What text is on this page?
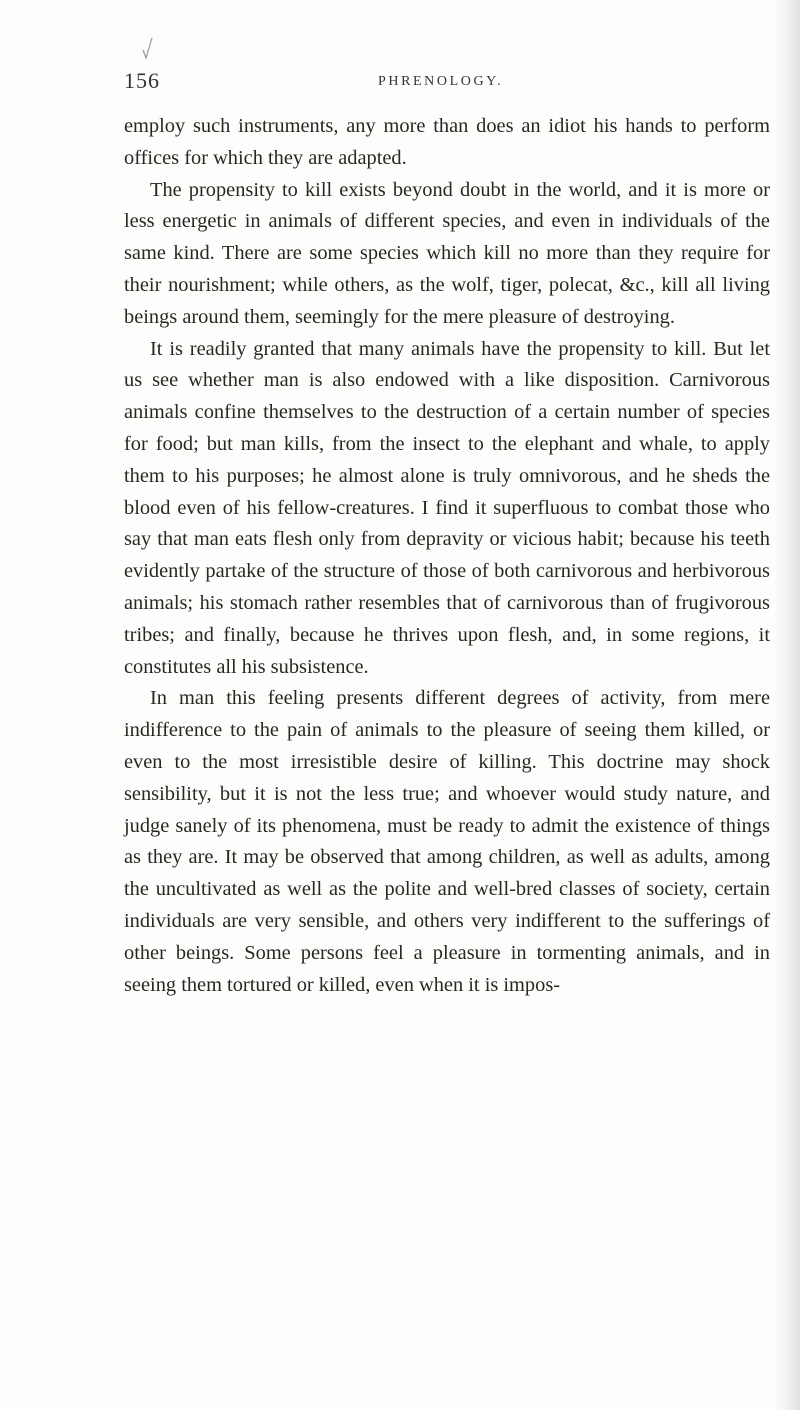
156	PHRENOLOGY.

employ such instruments, any more than does an idiot his hands to perform offices for which they are adapted.

The propensity to kill exists beyond doubt in the world, and it is more or less energetic in animals of different species, and even in individuals of the same kind. There are some species which kill no more than they require for their nourishment; while others, as the wolf, tiger, polecat, &c., kill all living beings around them, seemingly for the mere pleasure of destroying.

It is readily granted that many animals have the propensity to kill. But let us see whether man is also endowed with a like disposition. Carnivorous animals confine themselves to the destruction of a certain number of species for food; but man kills, from the insect to the elephant and whale, to apply them to his purposes; he almost alone is truly omnivorous, and he sheds the blood even of his fellow-creatures. I find it superfluous to combat those who say that man eats flesh only from depravity or vicious habit; because his teeth evidently partake of the structure of those of both carnivorous and herbivorous animals; his stomach rather resembles that of carnivorous than of frugivorous tribes; and finally, because he thrives upon flesh, and, in some regions, it constitutes all his subsistence.

In man this feeling presents different degrees of activity, from mere indifference to the pain of animals to the pleasure of seeing them killed, or even to the most irresistible desire of killing. This doctrine may shock sensibility, but it is not the less true; and whoever would study nature, and judge sanely of its phenomena, must be ready to admit the existence of things as they are. It may be observed that among children, as well as adults, among the uncultivated as well as the polite and well-bred classes of society, certain individuals are very sensible, and others very indifferent to the sufferings of other beings. Some persons feel a pleasure in tormenting animals, and in seeing them tortured or killed, even when it is impos-
